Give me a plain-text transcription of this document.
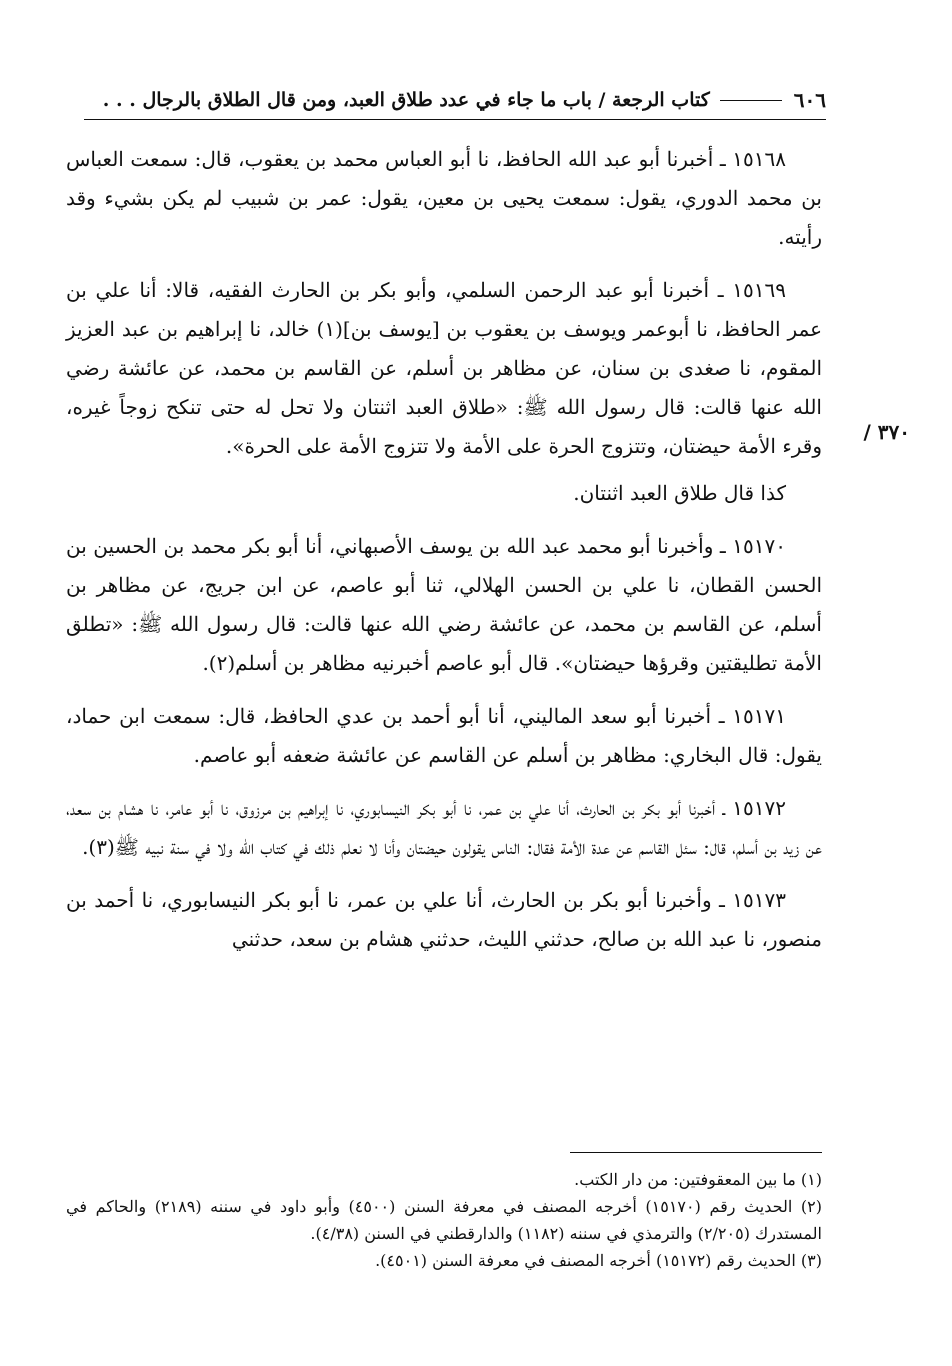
٦٠٦
كتاب الرجعة / باب ما جاء في عدد طلاق العبد، ومن قال الطلاق بالرجال . . .
٣٧٠ /

١٥١٦٨ ـ أخبرنا أبو عبد الله الحافظ، نا أبو العباس محمد بن يعقوب، قال: سمعت العباس بن محمد الدوري، يقول: سمعت يحيى بن معين، يقول: عمر بن شبيب لم يكن بشيء وقد رأيته.

١٥١٦٩ ـ أخبرنا أبو عبد الرحمن السلمي، وأبو بكر بن الحارث الفقيه، قالا: أنا علي بن عمر الحافظ، نا أبوعمر ويوسف بن يعقوب بن [يوسف بن](١) خالد، نا إبراهيم بن عبد العزيز المقوم، نا صغدى بن سنان، عن مظاهر بن أسلم، عن القاسم بن محمد، عن عائشة رضي الله عنها قالت: قال رسول الله ﷺ: «طلاق العبد اثنتان ولا تحل له حتى تنكح زوجاً غيره، وقرء الأمة حيضتان، وتتزوج الحرة على الأمة ولا تتزوج الأمة على الحرة».

كذا قال طلاق العبد اثنتان.

١٥١٧٠ ـ وأخبرنا أبو محمد عبد الله بن يوسف الأصبهاني، أنا أبو بكر محمد بن الحسين بن الحسن القطان، نا علي بن الحسن الهلالي، ثنا أبو عاصم، عن ابن جريج، عن مظاهر بن أسلم، عن القاسم بن محمد، عن عائشة رضي الله عنها قالت: قال رسول الله ﷺ: «تطلق الأمة تطليقتين وقرؤها حيضتان». قال أبو عاصم أخبرنيه مظاهر بن أسلم(٢).

١٥١٧١ ـ أخبرنا أبو سعد الماليني، أنا أبو أحمد بن عدي الحافظ، قال: سمعت ابن حماد، يقول: قال البخاري: مظاهر بن أسلم عن القاسم عن عائشة ضعفه أبو عاصم.

١٥١٧٢ ـ أخبرنا أبو بكر بن الحارث، أنا علي بن عمر، نا أبو بكر النيسابوري، نا إبراهيم بن مرزوق، نا أبو عامر، نا هشام بن سعد، عن زيد بن أسلم، قال: سئل القاسم عن عدة الأمة فقال: الناس يقولون حيضتان وأنا لا نعلم ذلك في كتاب الله ولا في سنة نبيه ﷺ(٣).

١٥١٧٣ ـ وأخبرنا أبو بكر بن الحارث، أنا علي بن عمر، نا أبو بكر النيسابوري، نا أحمد بن منصور، نا عبد الله بن صالح، حدثني الليث، حدثني هشام بن سعد، حدثني

(١) ما بين المعقوفتين: من دار الكتب.

(٢) الحديث رقم (١٥١٧٠) أخرجه المصنف في معرفة السنن (٤٥٠٠) وأبو داود في سننه (٢١٨٩) والحاكم في المستدرك (٢/٢٠٥) والترمذي في سننه (١١٨٢) والدارقطني في السنن (٤/٣٨).

(٣) الحديث رقم (١٥١٧٢) أخرجه المصنف في معرفة السنن (٤٥٠١).
